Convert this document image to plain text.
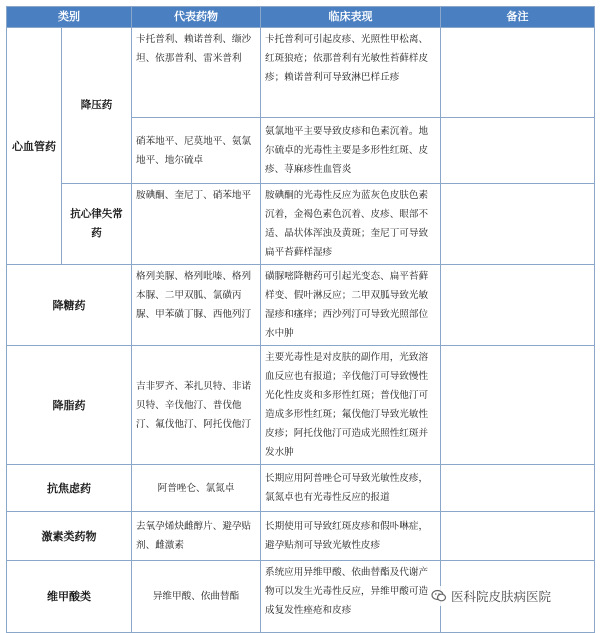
类别		代表药物	临床表现	备注
心血管药	降压药	卡托普利、赖诺普利、缬沙坦、依那普利、雷米普利	卡托普利可引起皮疹、光照性甲松离、红斑狼疮；依那普利有光敏性苔藓样皮疹；赖诺普利可导致淋巴样丘疹	
		硝苯地平、尼莫地平、氨氯地平、地尔硫卓	氨氯地平主要导致皮疹和色素沉着。地尔硫卓的光毒性主要是多形性红斑、皮疹、荨麻疹性血管炎	
	抗心律失常药	胺碘酮、奎尼丁、硝苯地平	胺碘酮的光毒性反应为蓝灰色皮肤色素沉着，金褐色素色沉着、皮疹、眼部不适、晶状体浑浊及黄斑；奎尼丁可导致扁平苔藓样湿疹	
降糖药		格列美脲、格列吡嗪、格列本脲、二甲双胍、氯磺丙脲、甲苯磺丁脲、西他列汀	磺脲嘧降糖药可引起光变态、扁平苔藓样变、假叶淋反应；二甲双胍导致光敏湿疹和瘙痒；西沙列汀可导致光照部位水中肿	
降脂药		吉非罗齐、苯扎贝特、非诺贝特、辛伐他汀、普伐他汀、氟伐他汀、阿托伐他汀	主要光毒性是对皮肤的副作用，光致溶血反应也有报道；辛伐他汀可导致慢性光化性皮炎和多形性红斑；普伐他汀可造成多形性红斑；氟伐他汀导致光敏性皮疹；阿托伐他汀可造成光照性红斑并发水肿	
抗焦虑药		阿普唑仑、氯氮卓	长期应用阿普唑仑可导致光敏性皮疹，氯氮卓也有光毒性反应的报道	
激素类药物		去氧孕烯炔雌醇片、避孕贴剂、雌激素	长期使用可导致红斑皮疹和假卟啉症，避孕贴剂可导致光敏性皮疹	
维甲酸类		异维甲酸、依曲替酯	系统应用异维甲酸、依曲替酯及代谢产物可以发生光毒性反应，异维甲酸可造成复发性痤疮和皮疹	
医科院皮肤病医院
